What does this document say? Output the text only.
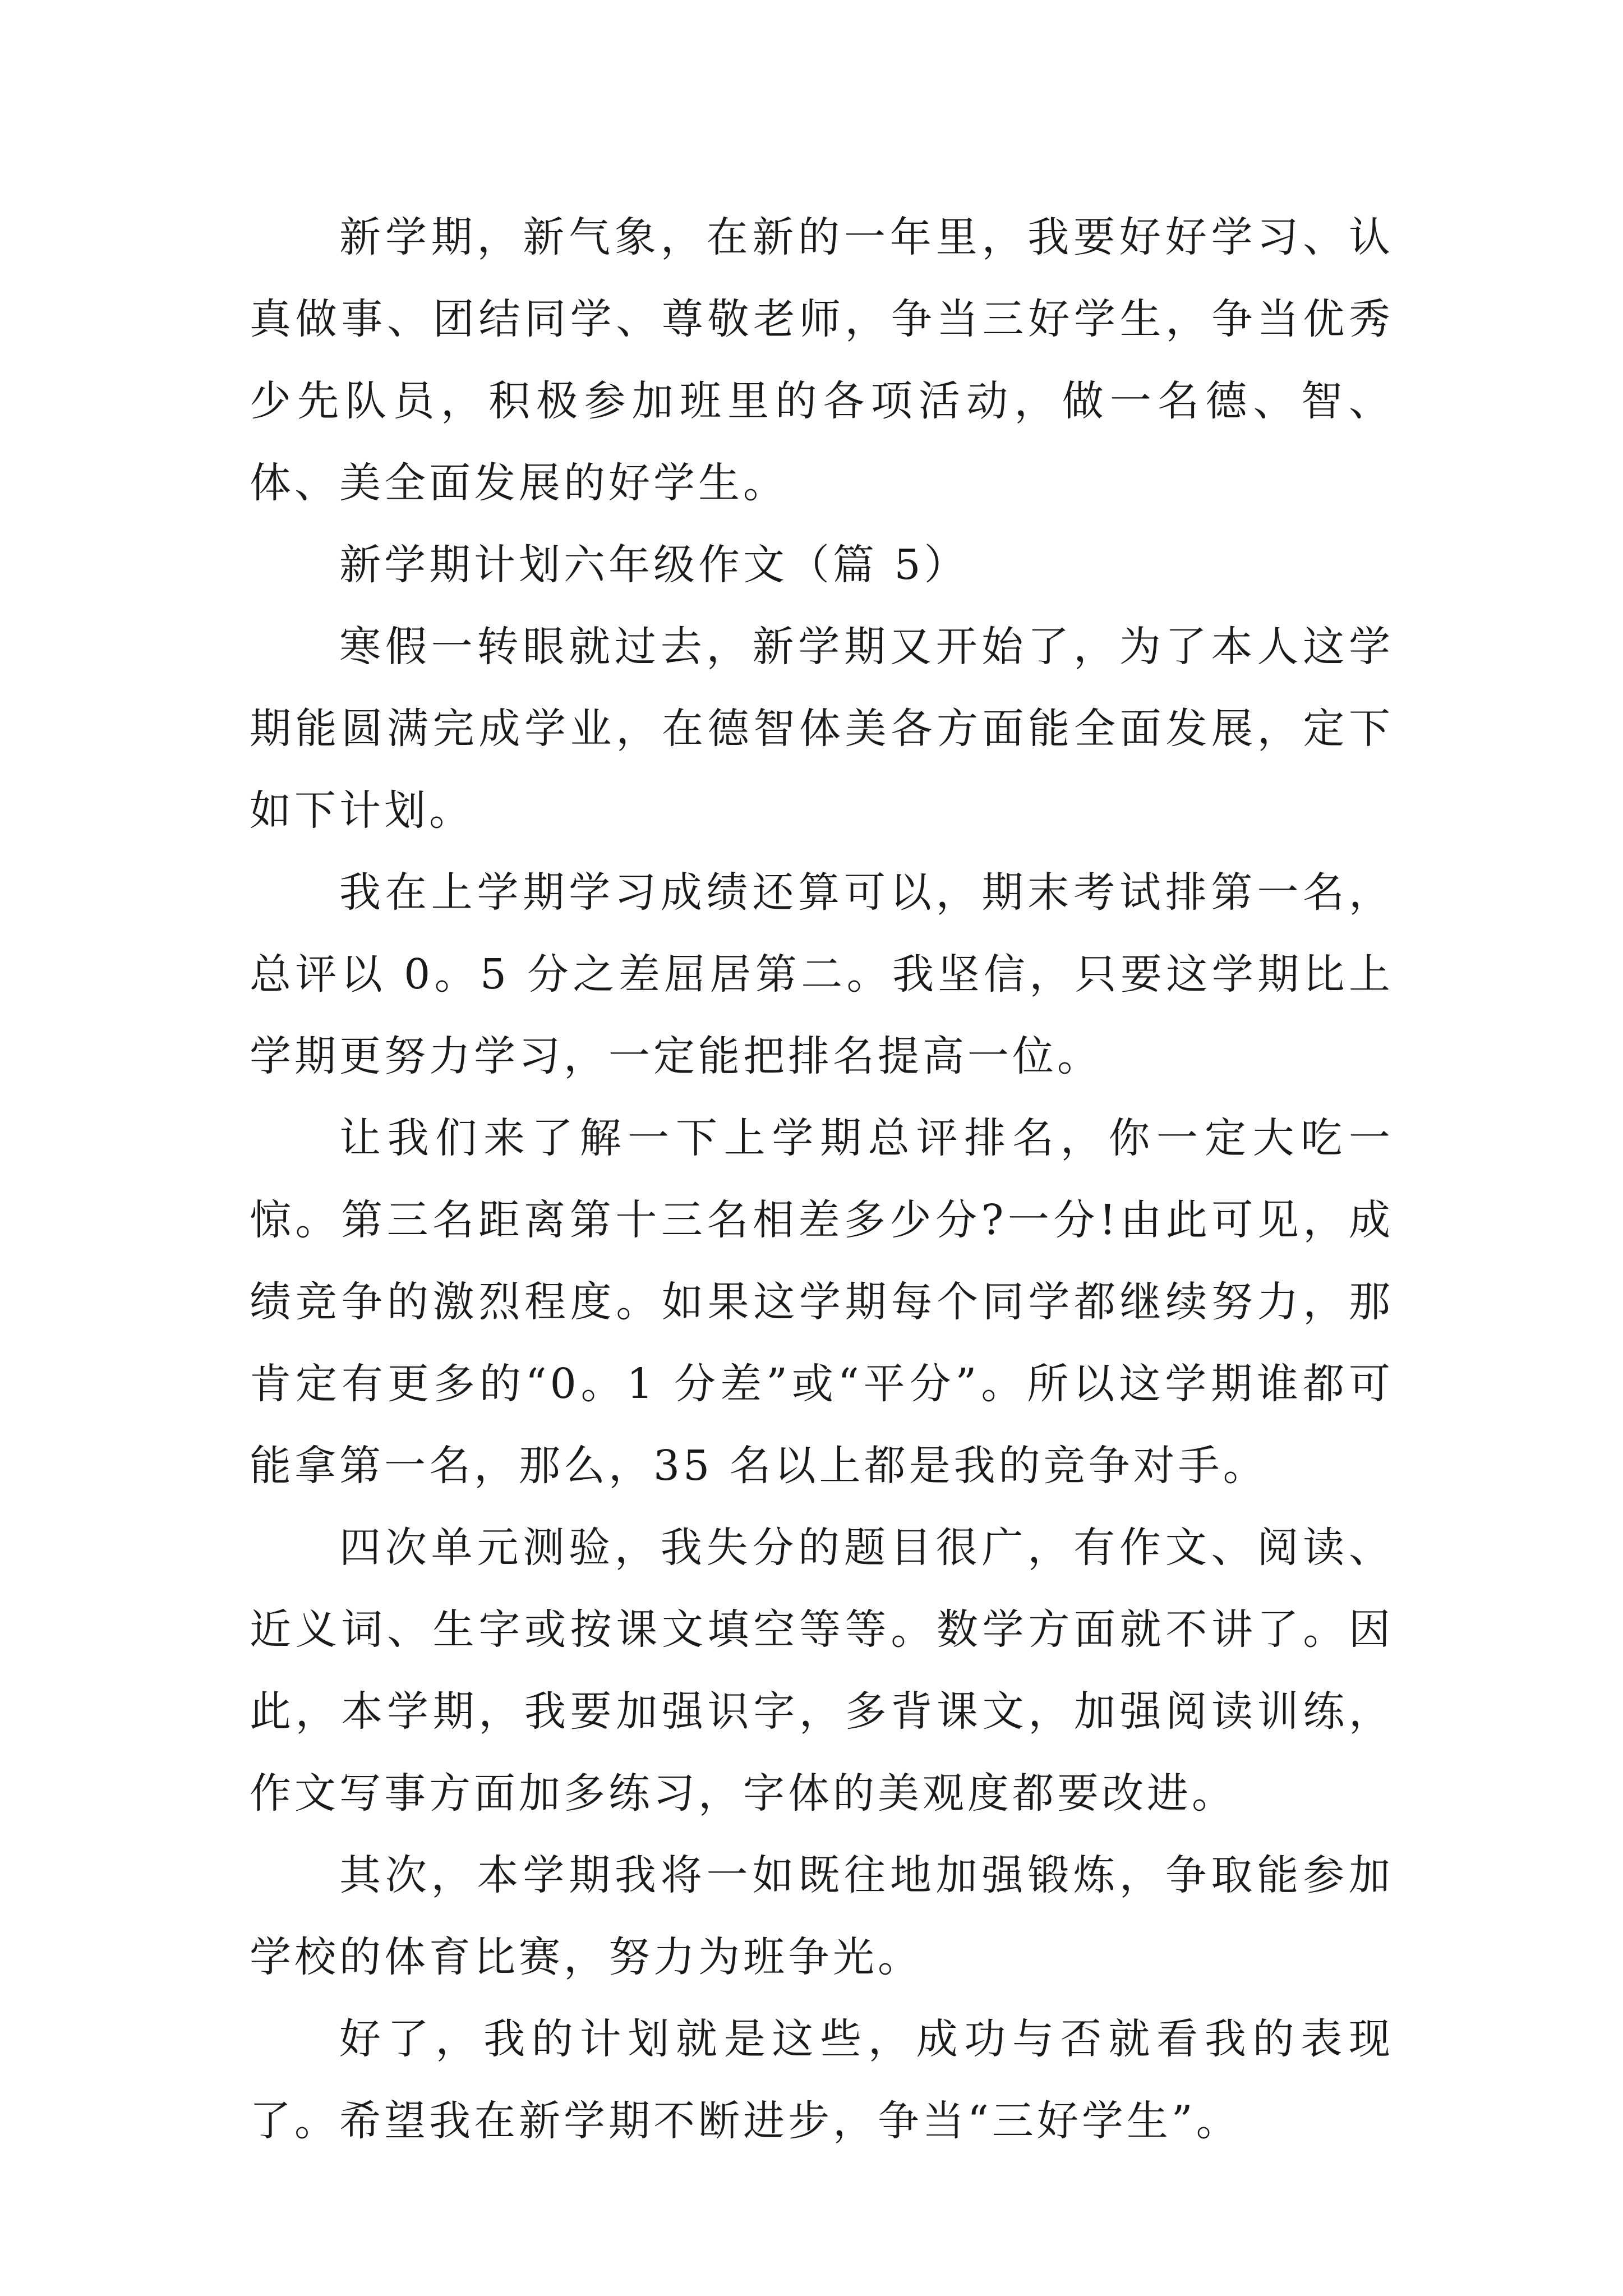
新学期，新气象，在新的一年里，我要好好学习、认真做事、团结同学、尊敬老师，争当三好学生，争当优秀少先队员，积极参加班里的各项活动，做一名德、智、体、美全面发展的好学生。

新学期计划六年级作文（篇 5）

寒假一转眼就过去，新学期又开始了，为了本人这学期能圆满完成学业，在德智体美各方面能全面发展，定下如下计划。

我在上学期学习成绩还算可以，期末考试排第一名，总评以 0。5 分之差屈居第二。我坚信，只要这学期比上学期更努力学习，一定能把排名提高一位。

让我们来了解一下上学期总评排名，你一定大吃一惊。第三名距离第十三名相差多少分?一分!由此可见，成绩竞争的激烈程度。如果这学期每个同学都继续努力，那肯定有更多的“0。1 分差”或“平分”。所以这学期谁都可能拿第一名，那么，35 名以上都是我的竞争对手。

四次单元测验，我失分的题目很广，有作文、阅读、近义词、生字或按课文填空等等。数学方面就不讲了。因此，本学期，我要加强识字，多背课文，加强阅读训练，作文写事方面加多练习，字体的美观度都要改进。

其次，本学期我将一如既往地加强锻炼，争取能参加学校的体育比赛，努力为班争光。

好了，我的计划就是这些，成功与否就看我的表现了。希望我在新学期不断进步，争当“三好学生”。
